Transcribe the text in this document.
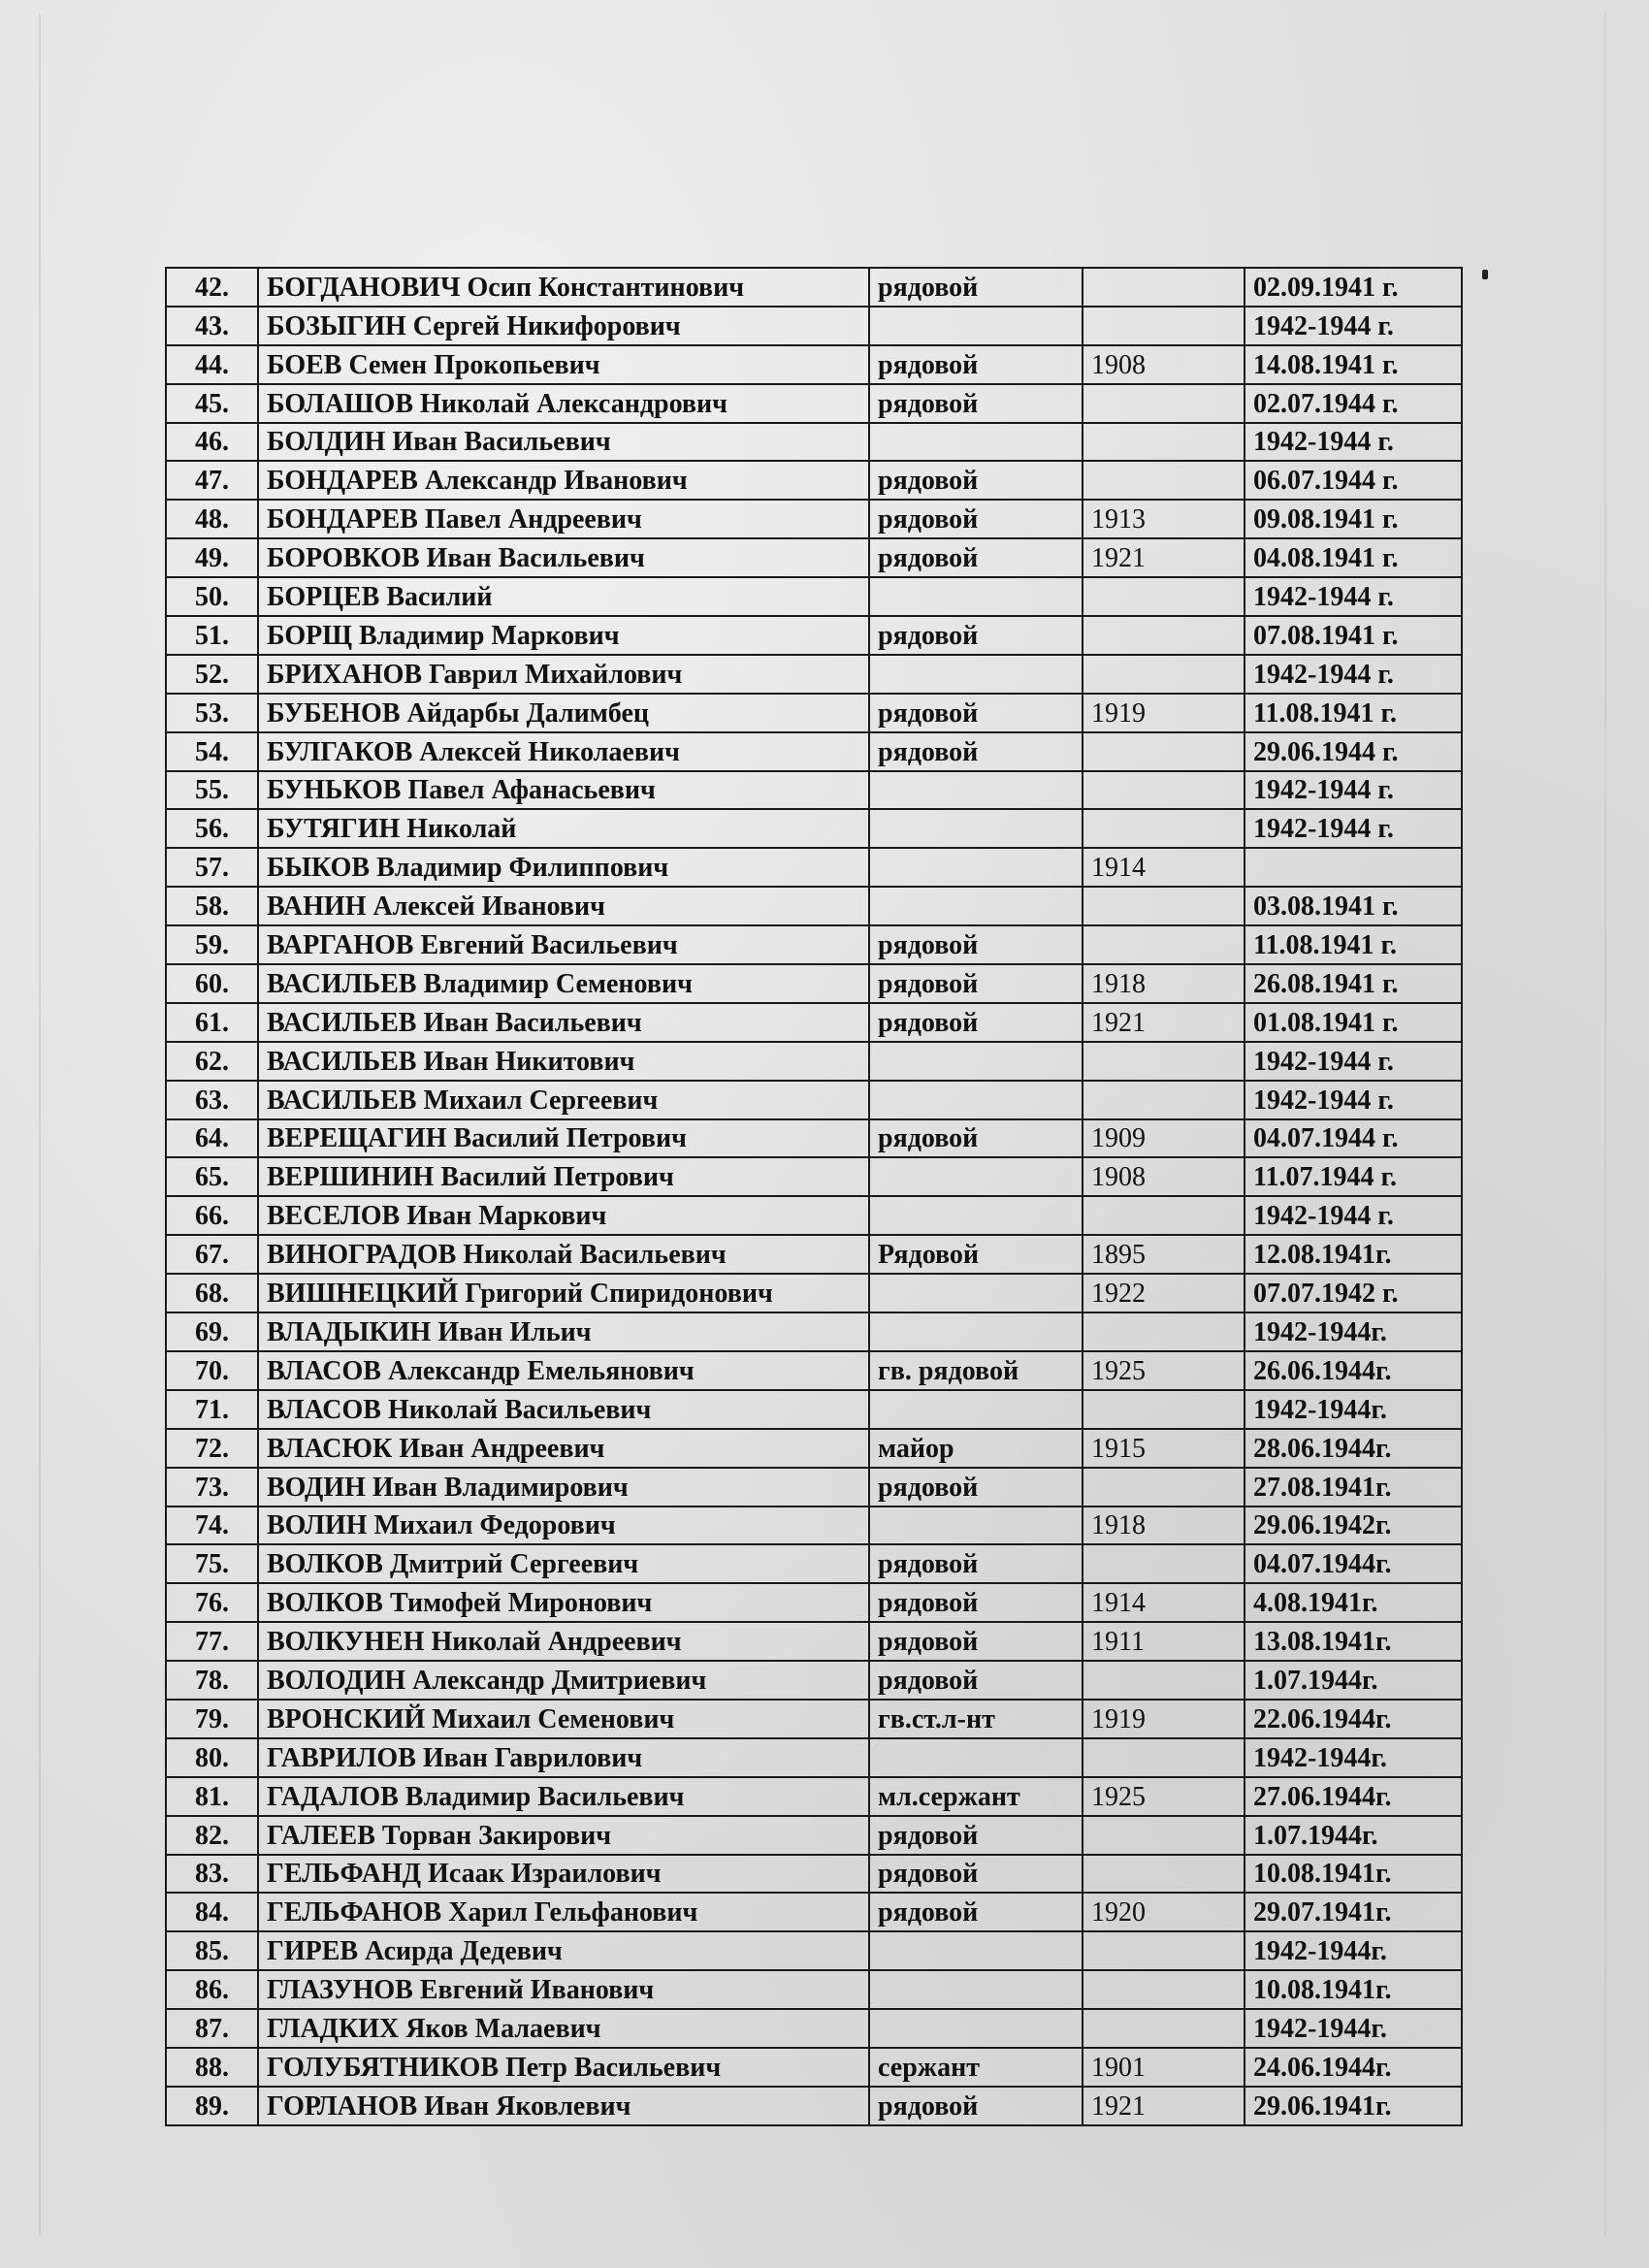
42.	БОГДАНОВИЧ Осип Константинович	рядовой		02.09.1941 г.
43.	БОЗЫГИН Сергей Никифорович			1942-1944 г.
44.	БОЕВ Семен Прокопьевич	рядовой	1908	14.08.1941 г.
45.	БОЛАШОВ Николай Александрович	рядовой		02.07.1944 г.
46.	БОЛДИН Иван Васильевич			1942-1944 г.
47.	БОНДАРЕВ Александр Иванович	рядовой		06.07.1944 г.
48.	БОНДАРЕВ Павел Андреевич	рядовой	1913	09.08.1941 г.
49.	БОРОВКОВ Иван Васильевич	рядовой	1921	04.08.1941 г.
50.	БОРЦЕВ Василий			1942-1944 г.
51.	БОРЩ Владимир Маркович	рядовой		07.08.1941 г.
52.	БРИХАНОВ Гаврил Михайлович			1942-1944 г.
53.	БУБЕНОВ Айдарбы Далимбец	рядовой	1919	11.08.1941 г.
54.	БУЛГАКОВ Алексей Николаевич	рядовой		29.06.1944 г.
55.	БУНЬКОВ Павел Афанасьевич			1942-1944 г.
56.	БУТЯГИН Николай			1942-1944 г.
57.	БЫКОВ Владимир Филиппович		1914	
58.	ВАНИН Алексей Иванович			03.08.1941 г.
59.	ВАРГАНОВ Евгений Васильевич	рядовой		11.08.1941 г.
60.	ВАСИЛЬЕВ Владимир Семенович	рядовой	1918	26.08.1941 г.
61.	ВАСИЛЬЕВ Иван Васильевич	рядовой	1921	01.08.1941 г.
62.	ВАСИЛЬЕВ Иван Никитович			1942-1944 г.
63.	ВАСИЛЬЕВ Михаил Сергеевич			1942-1944 г.
64.	ВЕРЕЩАГИН Василий Петрович	рядовой	1909	04.07.1944 г.
65.	ВЕРШИНИН Василий Петрович		1908	11.07.1944 г.
66.	ВЕСЕЛОВ Иван Маркович			1942-1944 г.
67.	ВИНОГРАДОВ Николай Васильевич	Рядовой	1895	12.08.1941г.
68.	ВИШНЕЦКИЙ Григорий Спиридонович		1922	07.07.1942 г.
69.	ВЛАДЫКИН Иван Ильич			1942-1944г.
70.	ВЛАСОВ Александр Емельянович	гв. рядовой	1925	26.06.1944г.
71.	ВЛАСОВ Николай Васильевич			1942-1944г.
72.	ВЛАСЮК Иван Андреевич	майор	1915	28.06.1944г.
73.	ВОДИН Иван Владимирович	рядовой		27.08.1941г.
74.	ВОЛИН Михаил Федорович		1918	29.06.1942г.
75.	ВОЛКОВ Дмитрий Сергеевич	рядовой		04.07.1944г.
76.	ВОЛКОВ Тимофей Миронович	рядовой	1914	4.08.1941г.
77.	ВОЛКУНЕН Николай Андреевич	рядовой	1911	13.08.1941г.
78.	ВОЛОДИН Александр Дмитриевич	рядовой		1.07.1944г.
79.	ВРОНСКИЙ Михаил Семенович	гв.ст.л-нт	1919	22.06.1944г.
80.	ГАВРИЛОВ Иван Гаврилович			1942-1944г.
81.	ГАДАЛОВ Владимир Васильевич	мл.сержант	1925	27.06.1944г.
82.	ГАЛЕЕВ Торван Закирович	рядовой		1.07.1944г.
83.	ГЕЛЬФАНД Исаак Израилович	рядовой		10.08.1941г.
84.	ГЕЛЬФАНОВ Харил Гельфанович	рядовой	1920	29.07.1941г.
85.	ГИРЕВ Асирда Дедевич			1942-1944г.
86.	ГЛАЗУНОВ Евгений Иванович			10.08.1941г.
87.	ГЛАДКИХ Яков Малаевич			1942-1944г.
88.	ГОЛУБЯТНИКОВ Петр Васильевич	сержант	1901	24.06.1944г.
89.	ГОРЛАНОВ Иван Яковлевич	рядовой	1921	29.06.1941г.
